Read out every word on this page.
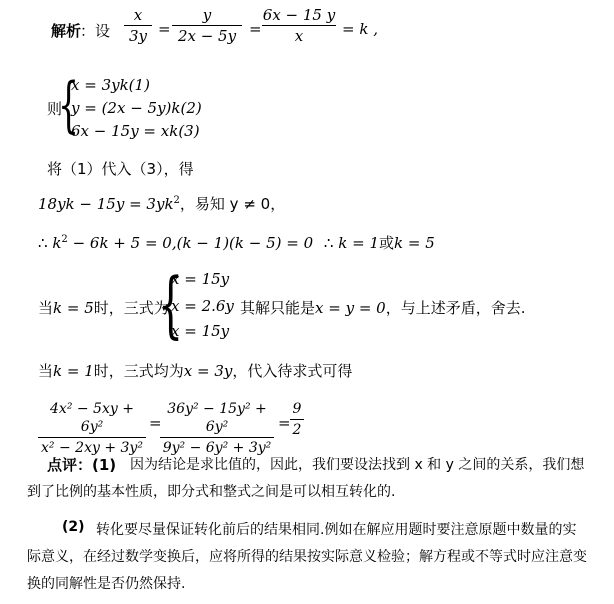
解析
：设
x
3y =
y
2x − 5y =
6x − 15 y
x	= k ,
则
{
x = 3yk(1)
y = (2x − 5y)k(2)
6x − 15y = xk(3)
将（1）代入（3），得
$18yk - 15y = 3yk^2$，易知 y ≠ 0，
∴ $k^2 - 6k + 5 = 0,(k - 1)(k - 5) = 0$ ∴ k = 1或k = 5
当k = 5时，三式为
{
x = 15y
x = 2.6y
x = 15y
其解只能是x = y = 0，与上述矛盾，舍去.
当k = 1时，三式均为x = 3y，代入待求式可得
4x² − 5xy + 6y²
x² − 2xy + 3y²
=
36y² − 15y² + 6y²
9y² − 6y² + 3y²
=
9
2
点评：(1) 因为结论是求比值的，因此，我们要设法找到 x 和 y 之间的关系，我们想
到了比例的基本性质，即分式和整式之间是可以相互转化的.
(2) 转化要尽量保证转化前后的结果相同.例如在解应用题时要注意原题中数量的实
际意义，在经过数学变换后，应将所得的结果按实际意义检验；解方程或不等式时应注意变
换的同解性是否仍然保持.
